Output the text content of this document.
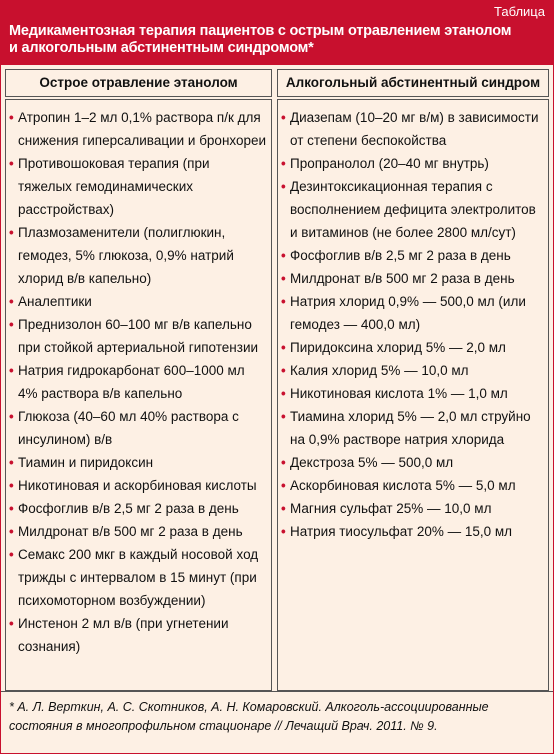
Таблица
Медикаментозная терапия пациентов с острым отравлением этанолом
и алкогольным абстинентным синдромом*
Острое отравление этанолом	Алкогольный абстинентный синдром
• Атропин 1–2 мл 0,1% раствора п/к для снижения гиперсаливации и бронхореи
• Противошоковая терапия (при тяжелых гемодинамических расстройствах)
• Плазмозаменители (полиглюкин, гемодез, 5% глюкоза, 0,9% натрий хлорид в/в капельно)
• Аналептики
• Преднизолон 60–100 мг в/в капельно при стойкой артериальной гипотензии
• Натрия гидрокарбонат 600–1000 мл 4% раствора в/в капельно
• Глюкоза (40–60 мл 40% раствора с инсулином) в/в
• Тиамин и пиридоксин
• Никотиновая и аскорбиновая кислоты
• Фосфоглив в/в 2,5 мг 2 раза в день
• Милдронат в/в 500 мг 2 раза в день
• Семакс 200 мкг в каждый носовой ход трижды с интервалом в 15 минут (при психомоторном возбуждении)
• Инстенон 2 мл в/в (при угнетении сознания)
• Диазепам (10–20 мг в/м) в зависимости от степени беспокойства
• Пропранолол (20–40 мг внутрь)
• Дезинтоксикационная терапия с восполнением дефицита электролитов и витаминов (не более 2800 мл/сут)
• Фосфоглив в/в 2,5 мг 2 раза в день
• Милдронат в/в 500 мг 2 раза в день
• Натрия хлорид 0,9% — 500,0 мл (или гемодез — 400,0 мл)
• Пиридоксина хлорид 5% — 2,0 мл
• Калия хлорид 5% — 10,0 мл
• Никотиновая кислота 1% — 1,0 мл
• Тиамина хлорид 5% — 2,0 мл струйно на 0,9% растворе натрия хлорида
• Декстроза 5% — 500,0 мл
• Аскорбиновая кислота 5% — 5,0 мл
• Магния сульфат 25% — 10,0 мл
• Натрия тиосульфат 20% — 15,0 мл

* А. Л. Верткин, А. С. Скотников, А. Н. Комаровский. Алкоголь-ассоциированные состояния в многопрофильном стационаре // Лечащий Врач. 2011. № 9.
